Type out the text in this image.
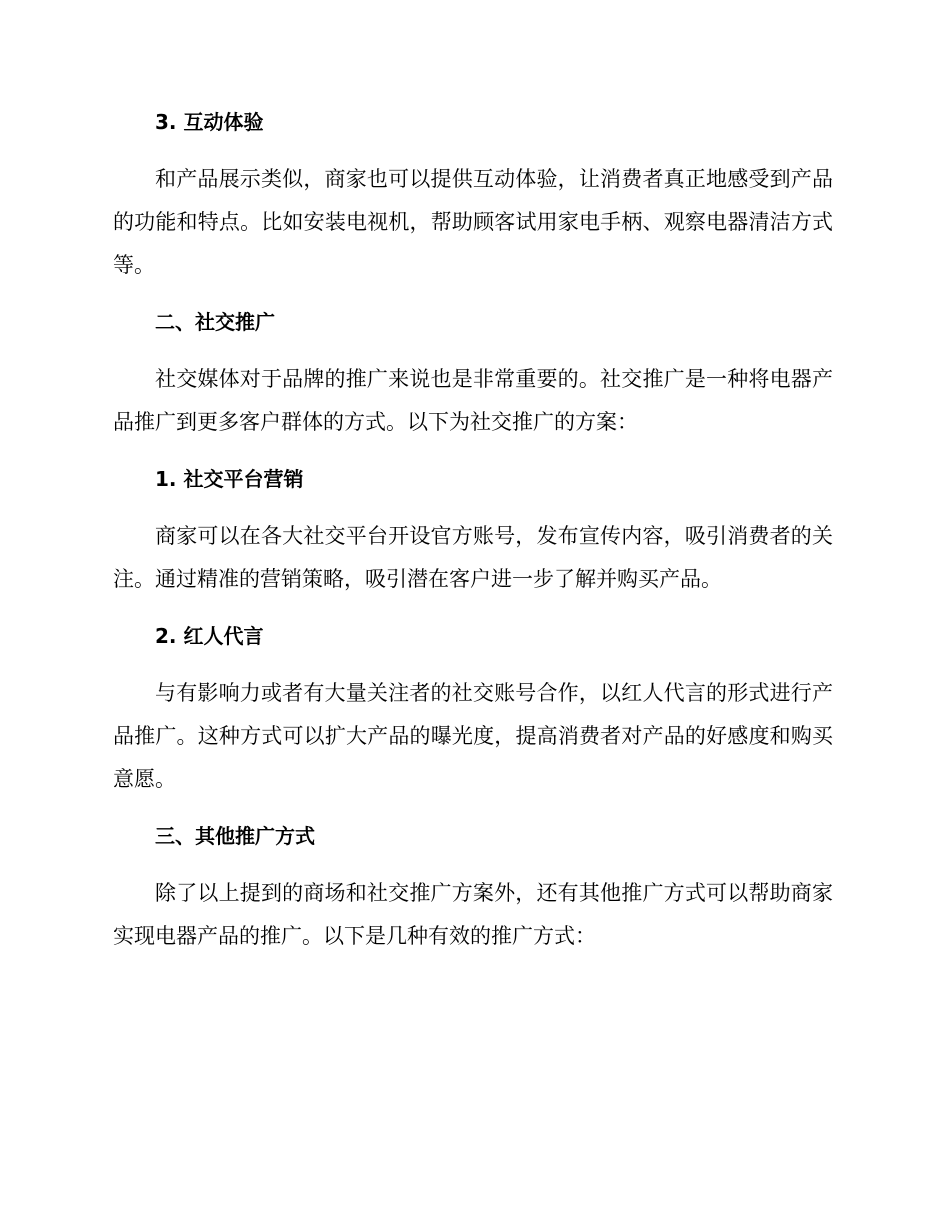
3. 互动体验

和产品展示类似，商家也可以提供互动体验，让消费者真正地感受到产品的功能和特点。比如安装电视机，帮助顾客试用家电手柄、观察电器清洁方式等。

二、社交推广

社交媒体对于品牌的推广来说也是非常重要的。社交推广是一种将电器产品推广到更多客户群体的方式。以下为社交推广的方案：

1. 社交平台营销

商家可以在各大社交平台开设官方账号，发布宣传内容，吸引消费者的关注。通过精准的营销策略，吸引潜在客户进一步了解并购买产品。

2. 红人代言

与有影响力或者有大量关注者的社交账号合作，以红人代言的形式进行产品推广。这种方式可以扩大产品的曝光度，提高消费者对产品的好感度和购买意愿。

三、其他推广方式

除了以上提到的商场和社交推广方案外，还有其他推广方式可以帮助商家实现电器产品的推广。以下是几种有效的推广方式：
